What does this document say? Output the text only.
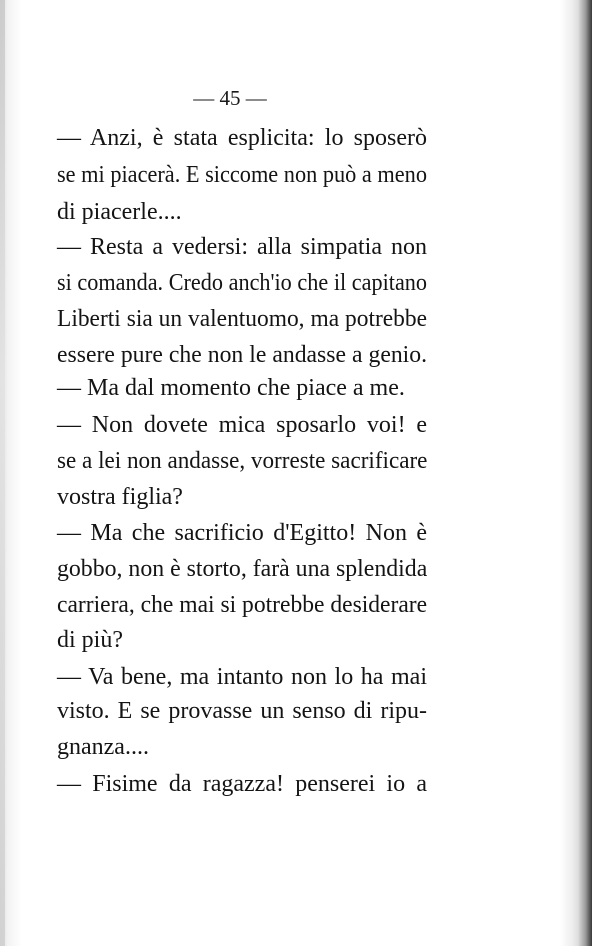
— 45 —
— Anzi, è stata esplicita: lo sposerò
se mi piacerà. E siccome non può a meno
di piacerle....
— Resta a vedersi: alla simpatia non
si comanda. Credo anch'io che il capitano
Liberti sia un valentuomo, ma potrebbe
essere pure che non le andasse a genio.
— Ma dal momento che piace a me.
— Non dovete mica sposarlo voi! e
se a lei non andasse, vorreste sacrificare
vostra figlia?
— Ma che sacrificio d'Egitto! Non è
gobbo, non è storto, farà una splendida
carriera, che mai si potrebbe desiderare
di più?
— Va bene, ma intanto non lo ha mai
visto. E se provasse un senso di ripu-
gnanza....
— Fisime da ragazza! penserei io a
